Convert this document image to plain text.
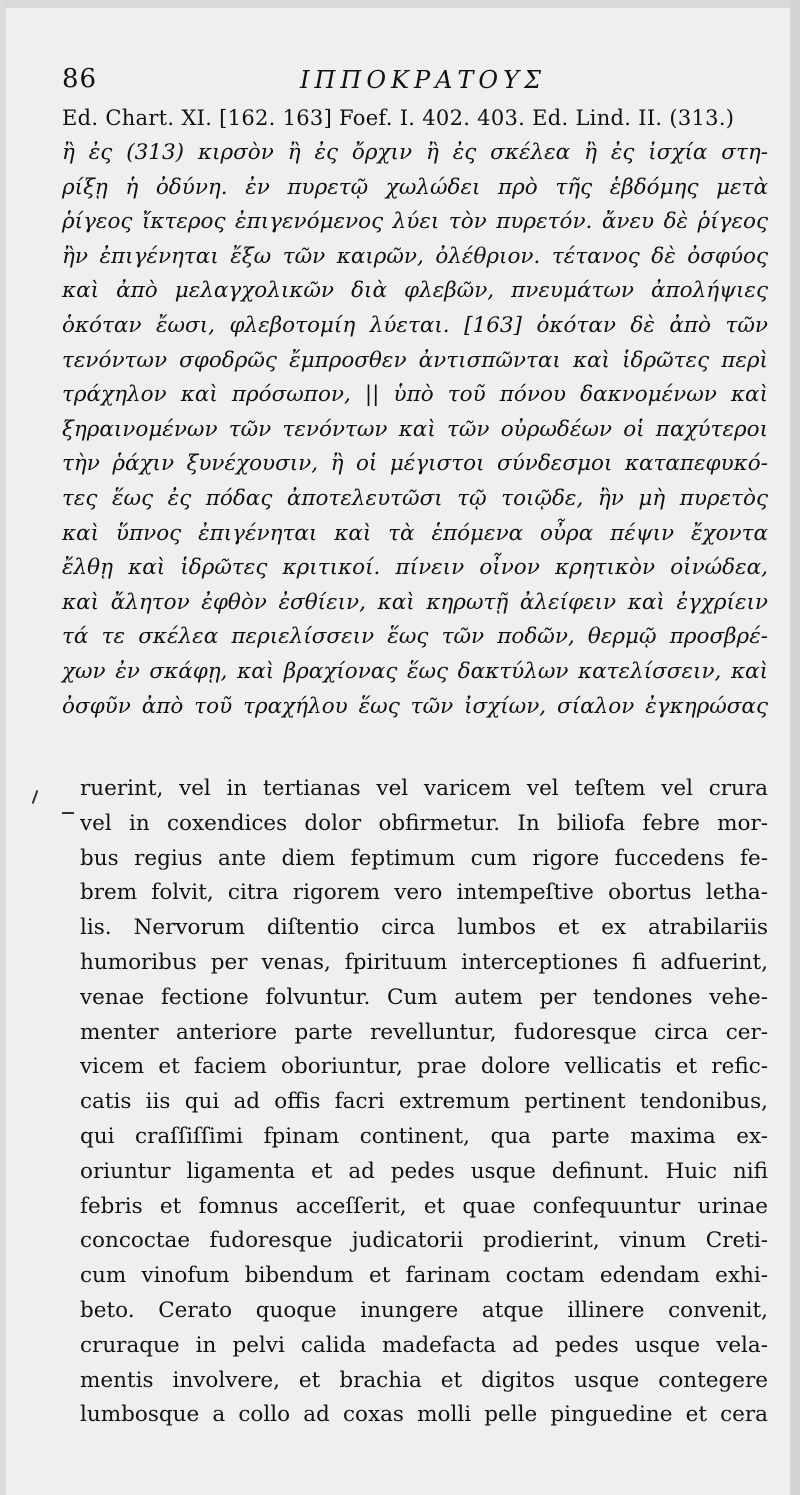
86	ΙΠΠΟΚΡΑΤΟΥΣ
Ed. Chart. XI. [162. 163] Foef. I. 402. 403. Ed. Lind. II. (313.)
ἢ ἐς (313) κιρσὸν ἢ ἐς ὄρχιν ἢ ἐς σκέλεα ἢ ἐς ἰσχία στη-
ρίξῃ ἡ ὀδύνη. ἐν πυρετῷ χωλώδει πρὸ τῆς ἑβδόμης μετὰ
ῥίγεος ἴκτερος ἐπιγενόμενος λύει τὸν πυρετόν. ἄνευ δὲ ῥίγεος
ἢν ἐπιγένηται ἔξω τῶν καιρῶν, ὀλέθριον. τέτανος δὲ ὀσφύος
καὶ ἀπὸ μελαγχολικῶν διὰ φλεβῶν, πνευμάτων ἀπολήψιες
ὁκόταν ἔωσι, φλεβοτομίη λύεται. [163] ὁκόταν δὲ ἀπὸ τῶν
τενόντων σφοδρῶς ἔμπροσθεν ἀντισπῶνται καὶ ἱδρῶτες περὶ
τράχηλον καὶ πρόσωπον, || ὑπὸ τοῦ πόνου δακνομένων καὶ
ξηραινομένων τῶν τενόντων καὶ τῶν οὐρωδέων οἱ παχύτεροι
τὴν ῥάχιν ξυνέχουσιν, ἢ οἱ μέγιστοι σύνδεσμοι καταπεφυκό-
τες ἕως ἐς πόδας ἀποτελευτῶσι τῷ τοιῷδε, ἢν μὴ πυρετὸς
καὶ ὕπνος ἐπιγένηται καὶ τὰ ἑπόμενα οὖρα πέψιν ἔχοντα
ἔλθῃ καὶ ἱδρῶτες κριτικοί. πίνειν οἶνον κρητικὸν οἰνώδεα,
καὶ ἄλητον ἐφθὸν ἐσθίειν, καὶ κηρωτῇ ἀλείφειν καὶ ἐγχρίειν
τά τε σκέλεα περιελίσσειν ἕως τῶν ποδῶν, θερμῷ προσβρέ-
χων ἐν σκάφῃ, καὶ βραχίονας ἕως δακτύλων κατελίσσειν, καὶ
ὀσφῦν ἀπὸ τοῦ τραχήλου ἕως τῶν ἰσχίων, σίαλον ἐγκηρώσας
ruerint, vel in tertianas vel varicem vel teſtem vel crura
vel in coxendices dolor obfirmetur. In biliofa febre mor-
bus regius ante diem feptimum cum rigore fuccedens fe-
brem folvit, citra rigorem vero intempeſtive obortus letha-
lis. Nervorum diſtentio circa lumbos et ex atrabilariis
humoribus per venas, fpirituum interceptiones fi adfuerint,
venae fectione folvuntur. Cum autem per tendones vehe-
menter anteriore parte revelluntur, fudoresque circa cer-
vicem et faciem oboriuntur, prae dolore vellicatis et refic-
catis iis qui ad offis facri extremum pertinent tendonibus,
qui craſſiſſimi fpinam continent, qua parte maxima ex-
oriuntur ligamenta et ad pedes usque definunt. Huic nifi
febris et fomnus acceſſerit, et quae confequuntur urinae
concoctae fudoresque judicatorii prodierint, vinum Creti-
cum vinofum bibendum et farinam coctam edendam exhi-
beto. Cerato quoque inungere atque illinere convenit,
cruraque in pelvi calida madefacta ad pedes usque vela-
mentis involvere, et brachia et digitos usque contegere
lumbosque a collo ad coxas molli pelle pinguedine et cera
